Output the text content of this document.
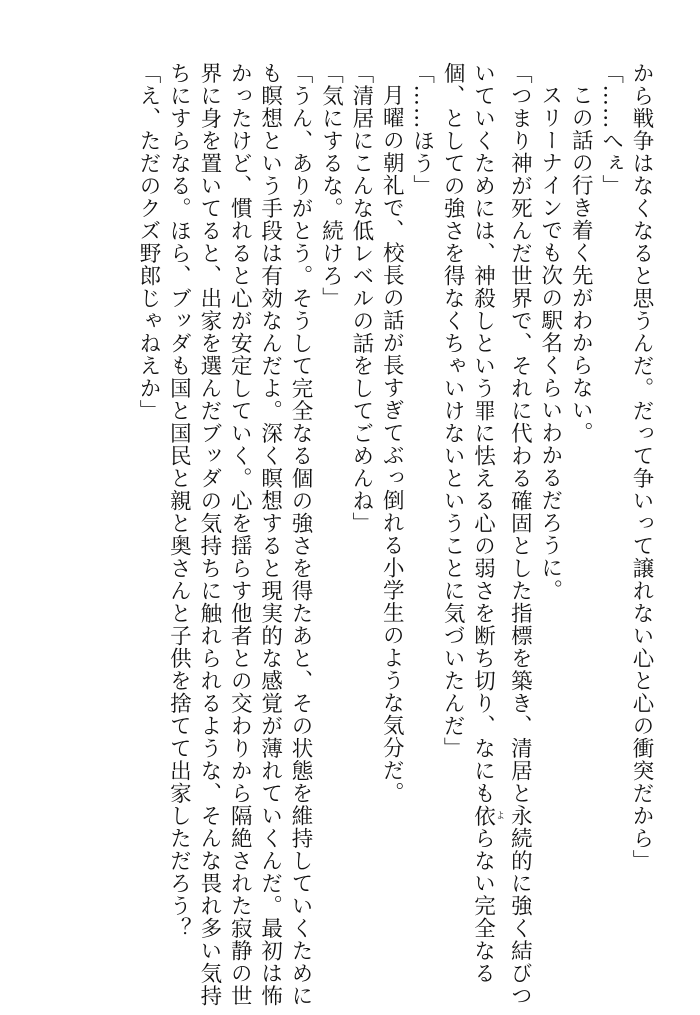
から戦争はなくなると思うんだ。だって争いって譲れない心と心の衝突だから」
「……へぇ」
この話の行き着く先がわからない。
スリーナインでも次の駅名くらいわかるだろうに。
「つまり神が死んだ世界で、それに代わる確固とした指標を築き、清居と永続的に強く結びつ
いていくためには、神殺しという罪に怯える心の弱さを断ち切り、なにも依よらない完全なる
個、としての強さを得なくちゃいけないということに気づいたんだ」
「……ほう」
月曜の朝礼で、校長の話が長すぎてぶっ倒れる小学生のような気分だ。
「清居にこんな低レベルの話をしてごめんね」
「気にするな。続けろ」
「うん、ありがとう。そうして完全なる個の強さを得たあと、その状態を維持していくために
も瞑想という手段は有効なんだよ。深く瞑想すると現実的な感覚が薄れていくんだ。最初は怖
かったけど、慣れると心が安定していく。心を揺らす他者との交わりから隔絶された寂静の世
界に身を置いてると、出家を選んだブッダの気持ちに触れられるような、そんな畏れ多い気持
ちにすらなる。ほら、ブッダも国と国民と親と奥さんと子供を捨てて出家しただろう？
「え、ただのクズ野郎じゃねえか」
